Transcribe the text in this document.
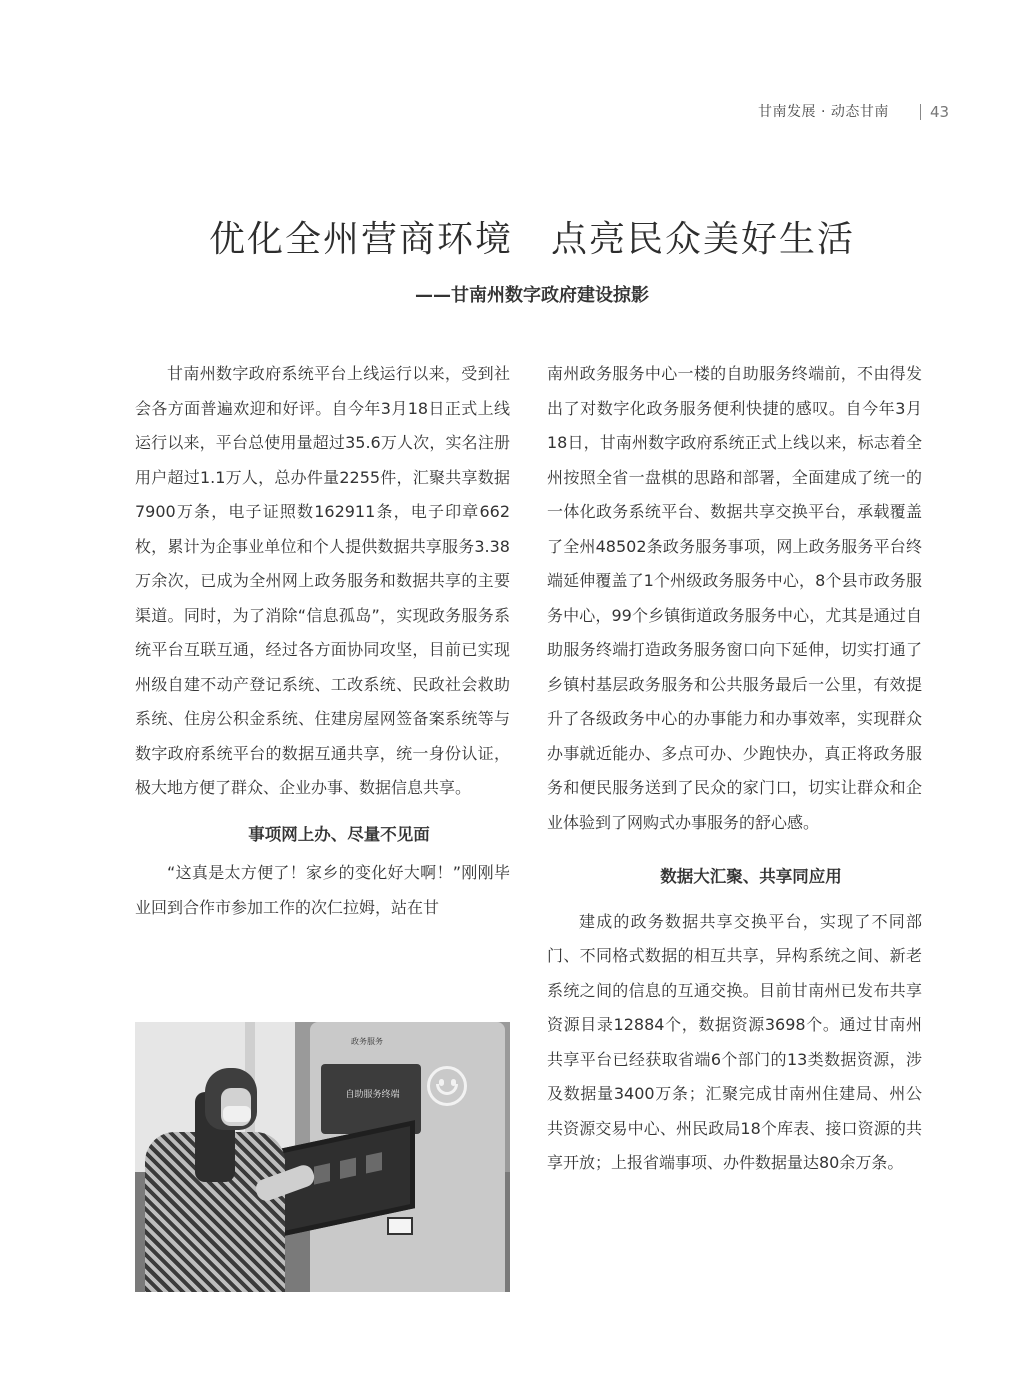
甘南发展 · 动态甘南	43
优化全州营商环境　点亮民众美好生活
——甘南州数字政府建设掠影

甘南州数字政府系统平台上线运行以来，受到社会各方面普遍欢迎和好评。自今年3月18日正式上线运行以来，平台总使用量超过35.6万人次，实名注册用户超过1.1万人，总办件量2255件，汇聚共享数据7900万条，电子证照数162911条，电子印章662枚，累计为企事业单位和个人提供数据共享服务3.38万余次，已成为全州网上政务服务和数据共享的主要渠道。同时，为了消除“信息孤岛”，实现政务服务系统平台互联互通，经过各方面协同攻坚，目前已实现州级自建不动产登记系统、工改系统、民政社会救助系统、住房公积金系统、住建房屋网签备案系统等与数字政府系统平台的数据互通共享，统一身份认证，极大地方便了群众、企业办事、数据信息共享。

事项网上办、尽量不见面

“这真是太方便了！家乡的变化好大啊！”刚刚毕业回到合作市参加工作的次仁拉姆，站在甘

政务服务
自助服务终端

南州政务服务中心一楼的自助服务终端前，不由得发出了对数字化政务服务便利快捷的感叹。自今年3月18日，甘南州数字政府系统正式上线以来，标志着全州按照全省一盘棋的思路和部署，全面建成了统一的一体化政务系统平台、数据共享交换平台，承载覆盖了全州48502条政务服务事项，网上政务服务平台终端延伸覆盖了1个州级政务服务中心，8个县市政务服务中心，99个乡镇街道政务服务中心，尤其是通过自助服务终端打造政务服务窗口向下延伸，切实打通了乡镇村基层政务服务和公共服务最后一公里，有效提升了各级政务中心的办事能力和办事效率，实现群众办事就近能办、多点可办、少跑快办，真正将政务服务和便民服务送到了民众的家门口，切实让群众和企业体验到了网购式办事服务的舒心感。

数据大汇聚、共享同应用

建成的政务数据共享交换平台，实现了不同部门、不同格式数据的相互共享，异构系统之间、新老系统之间的信息的互通交换。目前甘南州已发布共享资源目录12884个，数据资源3698个。通过甘南州共享平台已经获取省端6个部门的13类数据资源，涉及数据量3400万条；汇聚完成甘南州住建局、州公共资源交易中心、州民政局18个库表、接口资源的共享开放；上报省端事项、办件数据量达80余万条。
